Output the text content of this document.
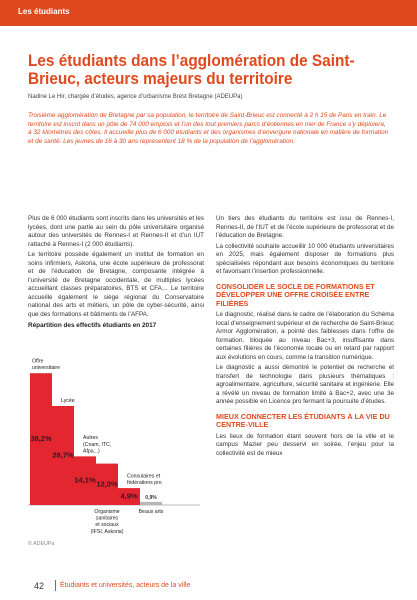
Les étudiants
Les étudiants dans l’agglomération de Saint-Brieuc, acteurs majeurs du territoire
Nadine Le Hir, chargée d’études, agence d’urbanisme Brest Bretagne (ADEUPa)

Troisième agglomération de Bretagne par sa population, le territoire de Saint-Brieuc est connecté à 2 h 15 de Paris en train. Le territoire est inscrit dans un pôle de 74 000 emplois et l’un des tout premiers parcs d’éoliennes en mer de France s’y déploiera, à 32 kilomètres des côtes. Il accueille plus de 6 000 étudiants et des organismes d’envergure nationale en matière de formation et de santé. Les jeunes de 16 à 30 ans représentent 18 % de la population de l’agglomération.

Plus de 6 000 étudiants sont inscrits dans les universités et les lycées, dont une partie au sein du pôle universitaire organisé autour des universités de Rennes-I et Rennes-II et d’un IUT rattaché à Rennes-I (2 000 étudiants).

Le territoire possède également un institut de formation en soins infirmiers, Askoria, une école supérieure de professorat et de l’éducation de Bretagne, composante intégrée à l’université de Bretagne occidentale, de multiples lycées accueillant classes préparatoires, BTS et CFA… Le territoire accueille également le siège régional du Conservatoire national des arts et métiers, un pôle de cyber-sécurité, ainsi que des formations et bâtiments de l’AFPA.

Répartition des effectifs étudiants en 2017
38,2%
Offre universitaire
28,7%
Lycée
14,1%
Autres (Cnam, ITC, Afpa...)
12,0%
Organisme sanitaires et sociaux (IFSI, Askoria)
4,9%
Consulaires et fédérations pro
0,9%
Beaux arts
© ADEUPa

Un tiers des étudiants du territoire est issu de Rennes-I, Rennes-II, de l’IUT et de l’école supérieure de professorat et de l’éducation de Bretagne.

La collectivité souhaite accueillir 10 000 étudiants universitaires en 2025, mais également disposer de formations plus spécialisées répondant aux besoins économiques du territoire et favorisant l’insertion professionnelle.

CONSOLIDER LE SOCLE DE FORMATIONS ET DÉVELOPPER UNE OFFRE CROISÉE ENTRE FILIÈRES

Le diagnostic, réalisé dans le cadre de l’élaboration du Schéma local d’enseignement supérieur et de recherche de Saint-Brieuc Armor Agglomération, a pointé des faiblesses dans l’offre de formation, bloquée au niveau Bac+3, insuffisante dans certaines filières de l’économie locale ou en retard par rapport aux évolutions en cours, comme la transition numérique.

Le diagnostic a aussi démontré le potentiel de recherche et transfert de technologie dans plusieurs thématiques : agroalimentaire, agriculture, sécurité sanitaire et ingénierie. Elle a révélé un niveau de formation limité à Bac+2, avec une 3e année possible en Licence pro fermant la poursuite d’études.

MIEUX CONNECTER LES ÉTUDIANTS À LA VIE DU CENTRE-VILLE

Les lieux de formation étant souvent hors de la ville et le campus Mazier peu desservi en soirée, l’enjeu pour la collectivité est de mieux

42 Étudiants et universités, acteurs de la ville
